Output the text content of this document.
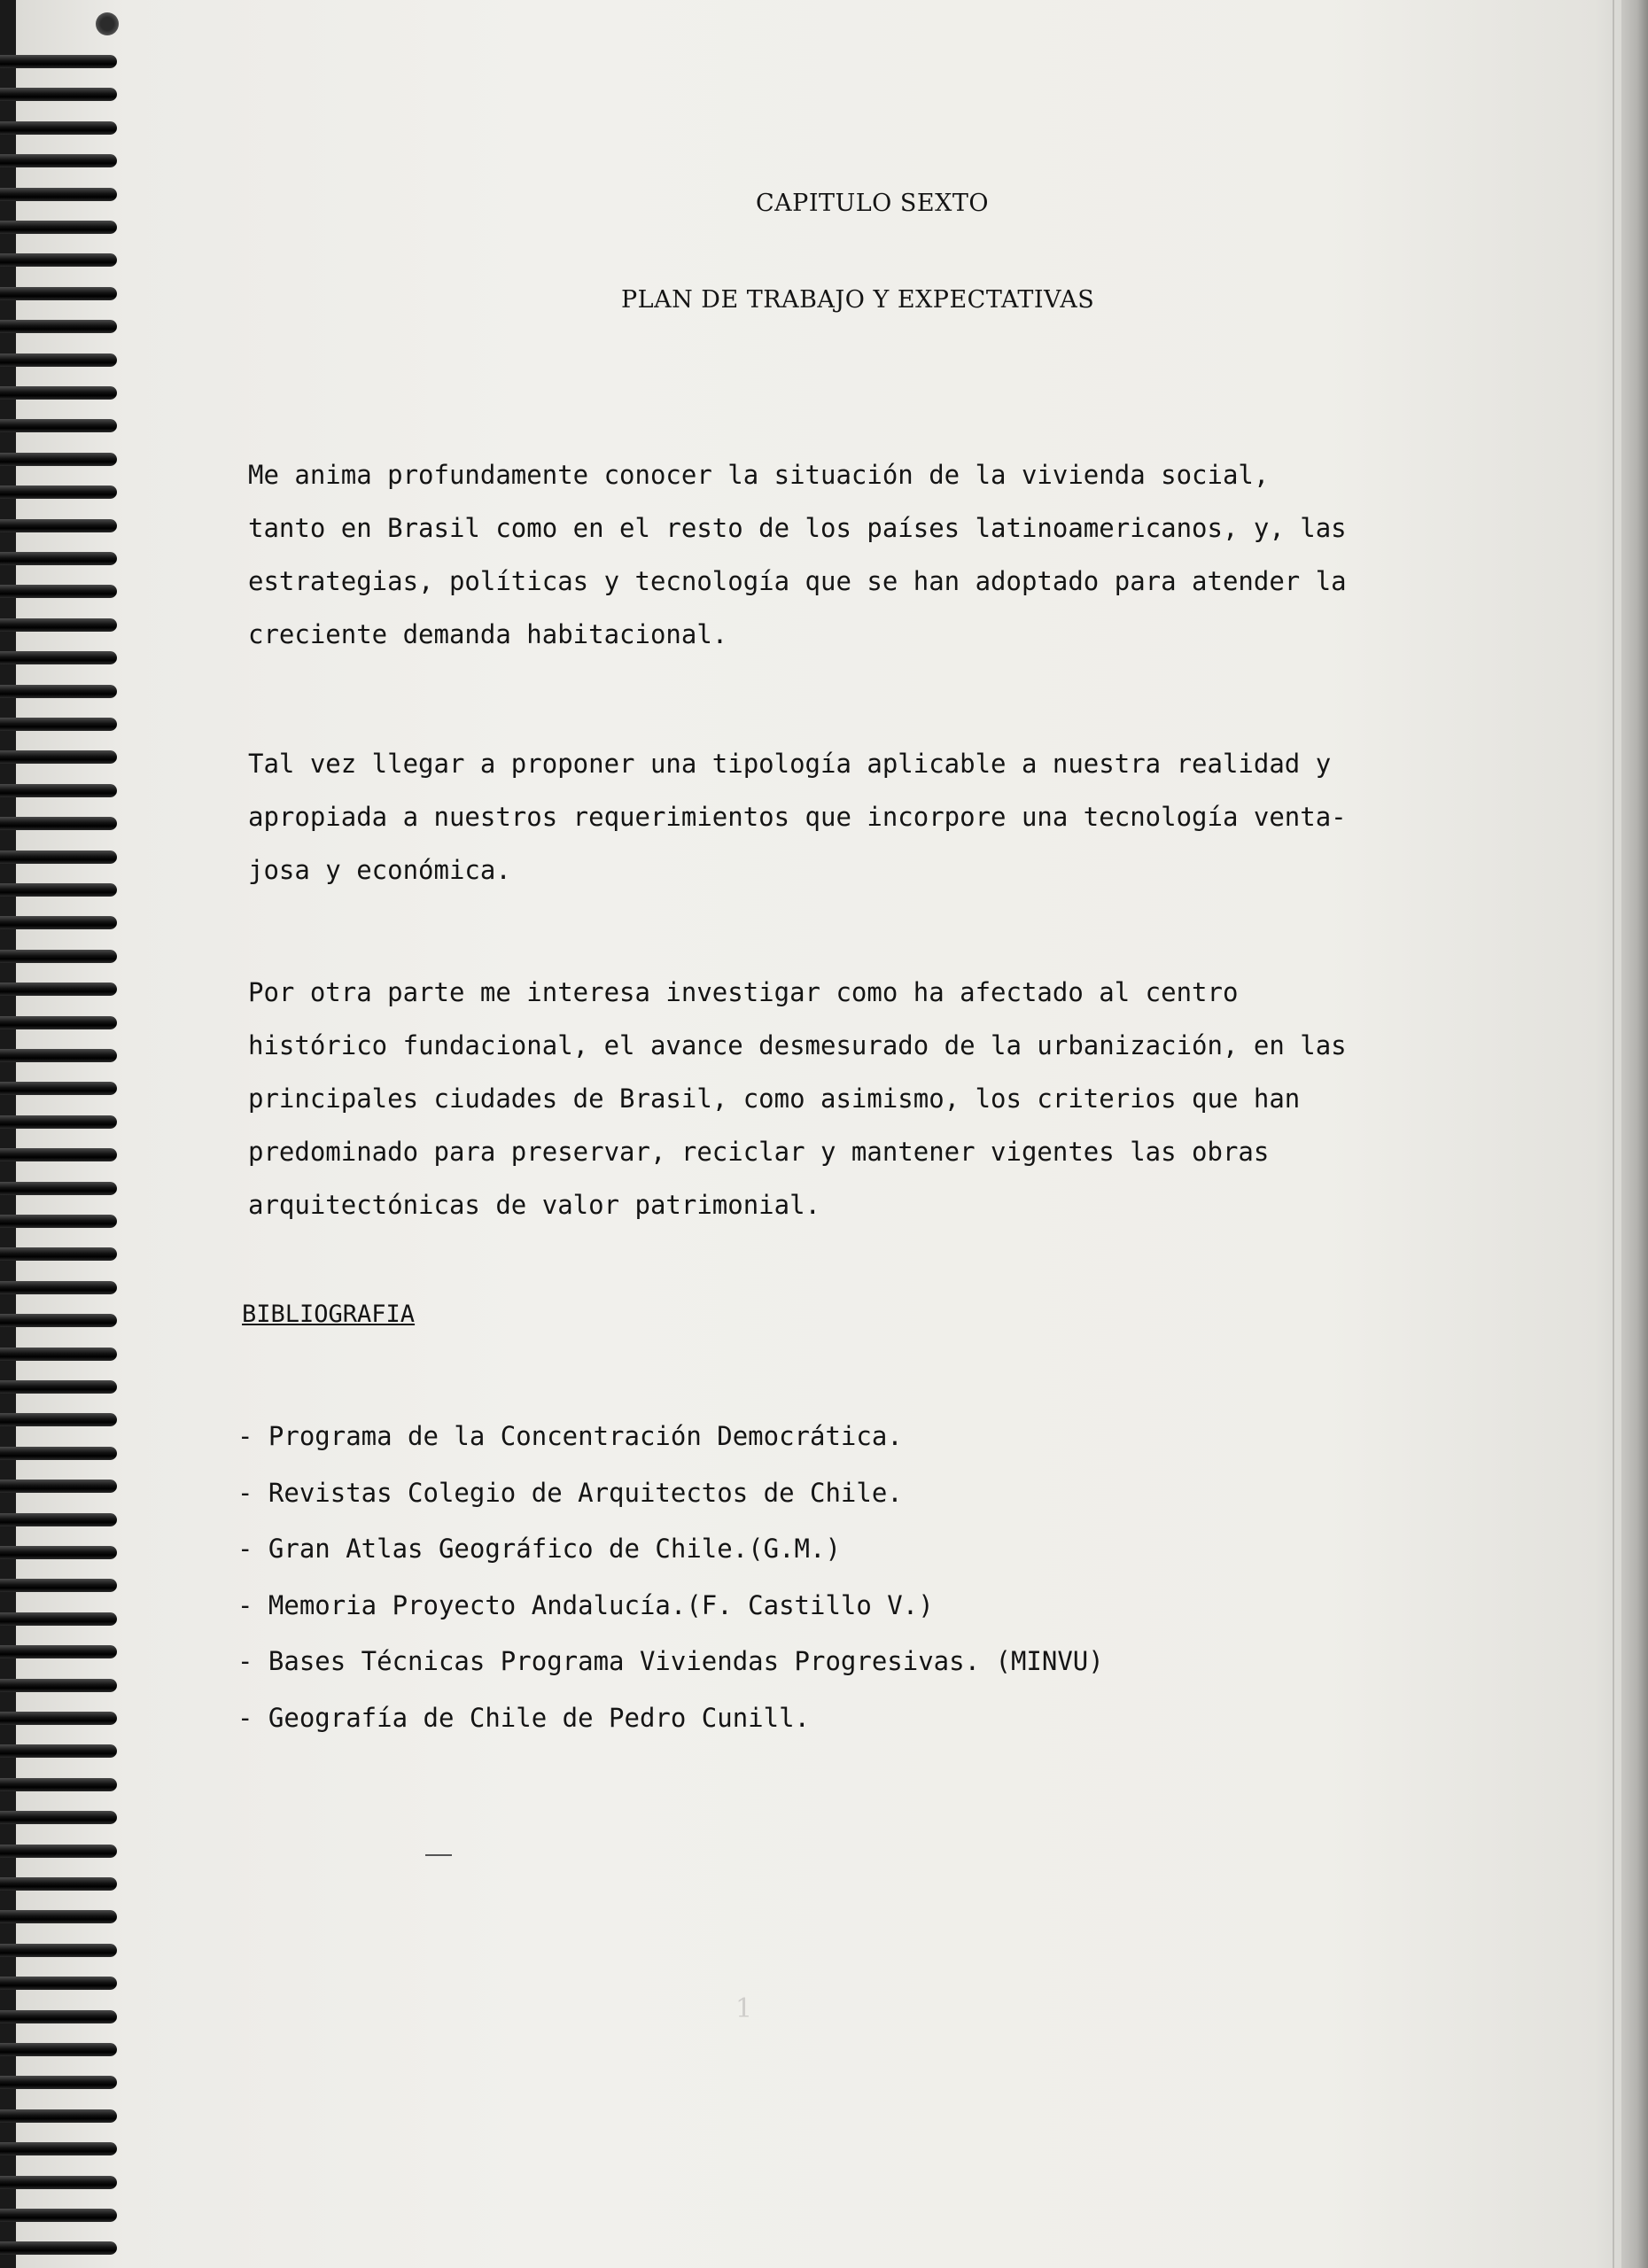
CAPITULO SEXTO
PLAN DE TRABAJO Y EXPECTATIVAS
Me anima profundamente conocer la situación de la vivienda social,
tanto en Brasil como en el resto de los países latinoamericanos, y, las
estrategias, políticas y tecnología que se han adoptado para atender la
creciente demanda habitacional.
Tal vez llegar a proponer una tipología aplicable a nuestra realidad y
apropiada a nuestros requerimientos que incorpore una tecnología venta-
josa y económica.
Por otra parte me interesa investigar como ha afectado al centro
histórico fundacional, el avance desmesurado de la urbanización, en las
principales ciudades de Brasil, como asimismo, los criterios que han
predominado para preservar, reciclar y mantener vigentes las obras
arquitectónicas de valor patrimonial.
BIBLIOGRAFIA
- Programa de la Concentración Democrática.
- Revistas Colegio de Arquitectos de Chile.
- Gran Atlas Geográfico de Chile.(G.M.)
- Memoria Proyecto Andalucía.(F. Castillo V.)
- Bases Técnicas Programa Viviendas Progresivas. (MINVU)
- Geografía de Chile de Pedro Cunill.
1
